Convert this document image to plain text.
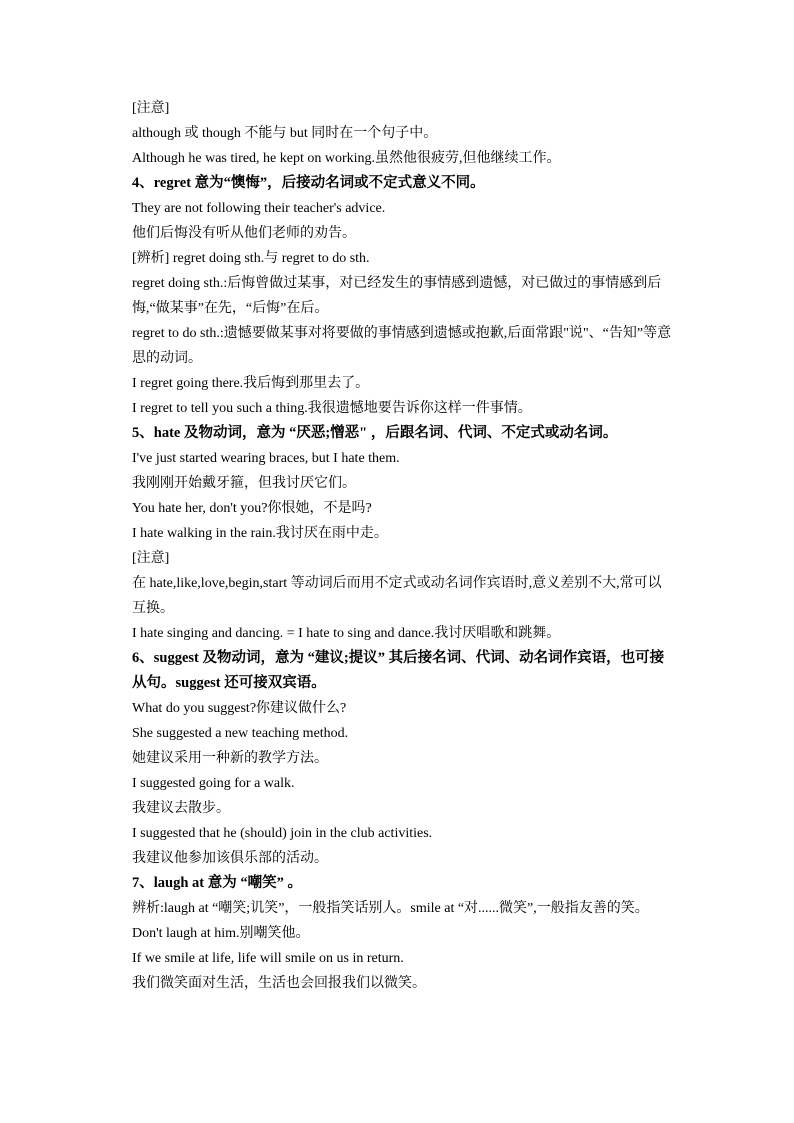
[注意]
although 或 though 不能与 but 同时在一个句子中。
Although he was tired, he kept on working.虽然他很疲劳,但他继续工作。
4、regret 意为“懊悔”，后接动名词或不定式意义不同。
They are not following their teacher's advice.
他们后悔没有听从他们老师的劝告。
[辨析] regret doing sth.与 regret to do sth.
regret doing sth.:后悔曾做过某事，对已经发生的事情感到遗憾，对已做过的事情感到后悔,“做某事”在先，“后悔”在后。
regret to do sth.:遗憾要做某事对将要做的事情感到遗憾或抱歉,后面常跟"说"、“告知”等意思的动词。
I regret going there.我后悔到那里去了。
I regret to tell you such a thing.我很遗憾地要告诉你这样一件事情。
5、hate 及物动词，意为 “厌恶;憎恶" ，后跟名词、代词、不定式或动名词。
I've just started wearing braces, but I hate them.
我刚刚开始戴牙箍，但我讨厌它们。
You hate her, don't you?你恨她，不是吗?
I hate walking in the rain.我讨厌在雨中走。
[注意]
在 hate,like,love,begin,start 等动词后而用不定式或动名词作宾语时,意义差别不大,常可以互换。
I hate singing and dancing. = I hate to sing and dance.我讨厌唱歌和跳舞。
6、suggest 及物动词，意为 “建议;提议” 其后接名词、代词、动名词作宾语，也可接从句。suggest 还可接双宾语。
What do you suggest?你建议做什么?
She suggested a new teaching method.
她建议采用一种新的教学方法。
I suggested going for a walk.
我建议去散步。
I suggested that he (should) join in the club activities.
我建议他参加该俱乐部的活动。
7、laugh at 意为 “嘲笑” 。
辨析:laugh at “嘲笑;讥笑”，一般指笑话别人。smile at “对......微笑”,一般指友善的笑。
Don't laugh at him.别嘲笑他。
If we smile at life, life will smile on us in return.
我们微笑面对生活，生活也会回报我们以微笑。
